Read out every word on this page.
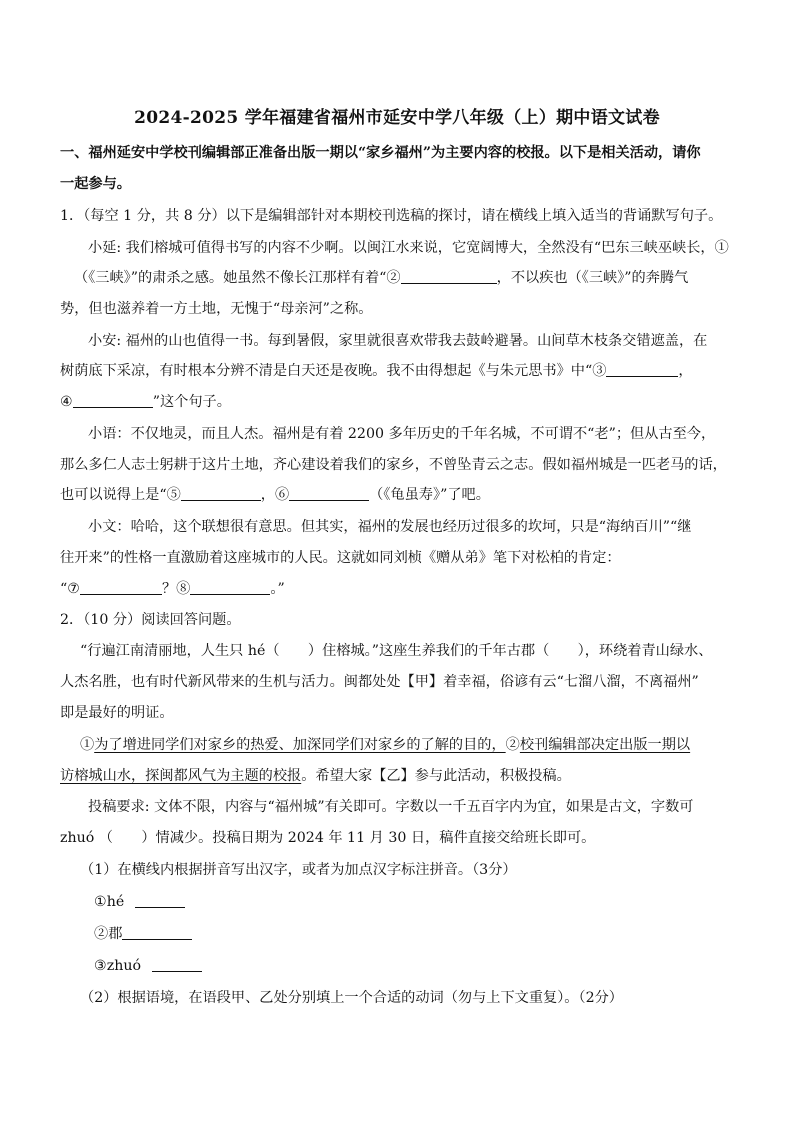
2024-2025 学年福建省福州市延安中学八年级（上）期中语文试卷
一、福州延安中学校刊编辑部正准备出版一期以“家乡福州”为主要内容的校报。以下是相关活动，请你
一起参与。
1．（每空 1 分，共 8 分）以下是编辑部针对本期校刊选稿的探讨，请在横线上填入适当的背诵默写句子。
小延: 我们榕城可值得书写的内容不少啊。以闽江水来说，它宽阔博大，全然没有“巴东三峡巫峡长，①
（《三峡》”的肃杀之感。她虽然不像长江那样有着“②	，不以疾也（《三峡》”的奔腾气
势，但也滋养着一方土地，无愧于“母亲河”之称。
小安: 福州的山也值得一书。每到暑假，家里就很喜欢带我去鼓岭避暑。山间草木枝条交错遮盖，在
树荫底下采凉，有时根本分辨不清是白天还是夜晚。我不由得想起《与朱元思书》中“③	，
④	”这个句子。
小语：不仅地灵，而且人杰。福州是有着 2200 多年历史的千年名城，不可谓不“老”；但从古至今，
那么多仁人志士躬耕于这片土地，齐心建设着我们的家乡，不曾坠青云之志。假如福州城是一匹老马的话，
也可以说得上是“⑤	，⑥	（《龟虽寿》”了吧。
小文：哈哈，这个联想很有意思。但其实，福州的发展也经历过很多的坎坷，只是“海纳百川”“继
往开来”的性格一直激励着这座城市的人民。这就如同刘桢《赠从弟》笔下对松柏的肯定：
“⑦	？⑧	。”
2．（10 分）阅读回答问题。
“行遍江南清丽地，人生只 hé（　　）住榕城。”这座生养我们的千年古郡（　　），环绕着青山绿水、
人杰名胜，也有时代新风带来的生机与活力。闽都处处【甲】着幸福，俗谚有云“七溜八溜，不离福州”
即是最好的明证。
①为了增进同学们对家乡的热爱、加深同学们对家乡的了解的目的，②校刊编辑部决定出版一期以
访榕城山水，探闽都风气为主题的校报。希望大家【乙】参与此活动，积极投稿。
投稿要求: 文体不限，内容与“福州城”有关即可。字数以一千五百字内为宜，如果是古文，字数可
zhuó （　　）情减少。投稿日期为 2024 年 11 月 30 日，稿件直接交给班长即可。
（1）在横线内根据拼音写出汉字，或者为加点汉字标注拼音。（3分）
①hé
②郡
③zhuó
（2）根据语境，在语段甲、乙处分别填上一个合适的动词（勿与上下文重复）。（2分）
